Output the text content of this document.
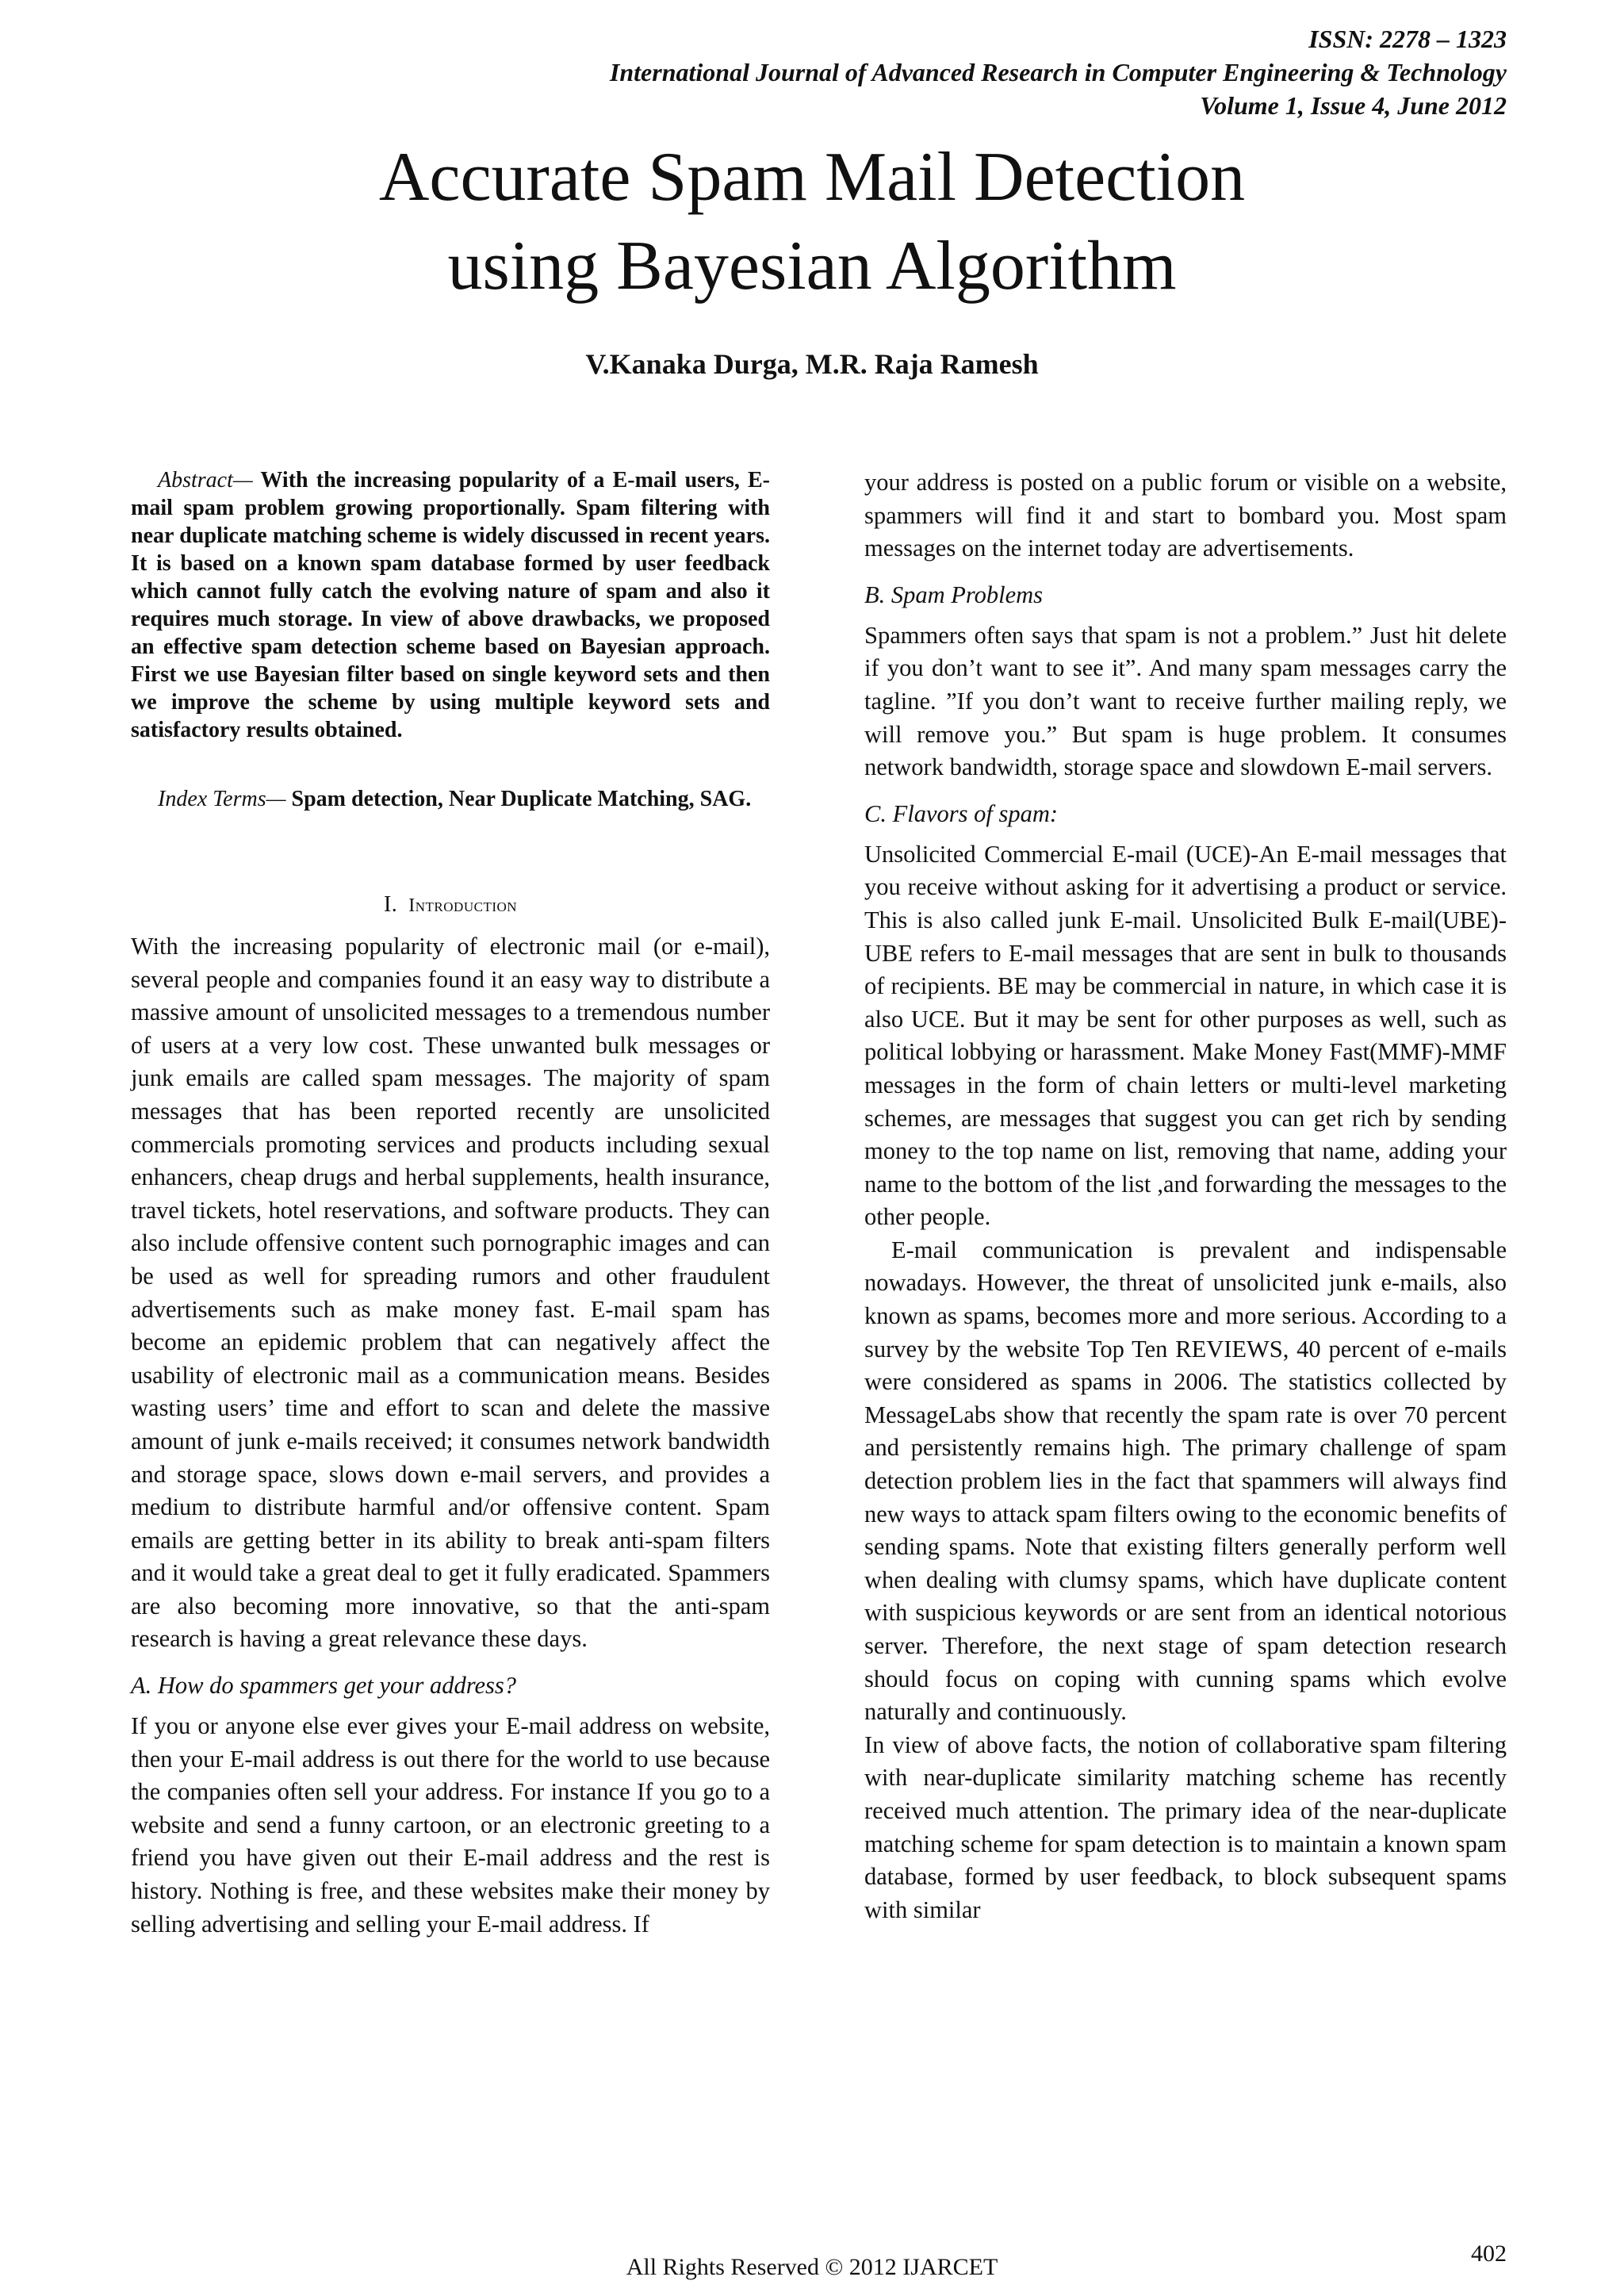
ISSN: 2278 – 1323
International Journal of Advanced Research in Computer Engineering & Technology
Volume 1, Issue 4, June 2012
Accurate Spam Mail Detection
using Bayesian Algorithm
V.Kanaka Durga, M.R. Raja Ramesh

Abstract— With the increasing popularity of a E-mail users, E-mail spam problem growing proportionally. Spam filtering with near duplicate matching scheme is widely discussed in recent years. It is based on a known spam database formed by user feedback which cannot fully catch the evolving nature of spam and also it requires much storage. In view of above drawbacks, we proposed an effective spam detection scheme based on Bayesian approach. First we use Bayesian filter based on single keyword sets and then we improve the scheme by using multiple keyword sets and satisfactory results obtained.

Index Terms— Spam detection, Near Duplicate Matching, SAG.

I. Introduction

With the increasing popularity of electronic mail (or e-mail), several people and companies found it an easy way to distribute a massive amount of unsolicited messages to a tremendous number of users at a very low cost. These unwanted bulk messages or junk emails are called spam messages. The majority of spam messages that has been reported recently are unsolicited commercials promoting services and products including sexual enhancers, cheap drugs and herbal supplements, health insurance, travel tickets, hotel reservations, and software products. They can also include offensive content such pornographic images and can be used as well for spreading rumors and other fraudulent advertisements such as make money fast. E-mail spam has become an epidemic problem that can negatively affect the usability of electronic mail as a communication means. Besides wasting users’ time and effort to scan and delete the massive amount of junk e-mails received; it consumes network bandwidth and storage space, slows down e-mail servers, and provides a medium to distribute harmful and/or offensive content. Spam emails are getting better in its ability to break anti-spam filters and it would take a great deal to get it fully eradicated. Spammers are also becoming more innovative, so that the anti-spam research is having a great relevance these days.

A. How do spammers get your address?

If you or anyone else ever gives your E-mail address on website, then your E-mail address is out there for the world to use because the companies often sell your address. For instance If you go to a website and send a funny cartoon, or an electronic greeting to a friend you have given out their E-mail address and the rest is history. Nothing is free, and these websites make their money by selling advertising and selling your E-mail address. If

your address is posted on a public forum or visible on a website, spammers will find it and start to bombard you. Most spam messages on the internet today are advertisements.

B. Spam Problems

Spammers often says that spam is not a problem.” Just hit delete if you don’t want to see it”. And many spam messages carry the tagline. ”If you don’t want to receive further mailing reply, we will remove you.” But spam is huge problem. It consumes network bandwidth, storage space and slowdown E-mail servers.

C. Flavors of spam:

Unsolicited Commercial E-mail (UCE)-An E-mail messages that you receive without asking for it advertising a product or service. This is also called junk E-mail. Unsolicited Bulk E-mail(UBE)-UBE refers to E-mail messages that are sent in bulk to thousands of recipients. BE may be commercial in nature, in which case it is also UCE. But it may be sent for other purposes as well, such as political lobbying or harassment. Make Money Fast(MMF)-MMF messages in the form of chain letters or multi-level marketing schemes, are messages that suggest you can get rich by sending money to the top name on list, removing that name, adding your name to the bottom of the list ,and forwarding the messages to the other people.

E-mail communication is prevalent and indispensable nowadays. However, the threat of unsolicited junk e-mails, also known as spams, becomes more and more serious. According to a survey by the website Top Ten REVIEWS, 40 percent of e-mails were considered as spams in 2006. The statistics collected by MessageLabs show that recently the spam rate is over 70 percent and persistently remains high. The primary challenge of spam detection problem lies in the fact that spammers will always find new ways to attack spam filters owing to the economic benefits of sending spams. Note that existing filters generally perform well when dealing with clumsy spams, which have duplicate content with suspicious keywords or are sent from an identical notorious server. Therefore, the next stage of spam detection research should focus on coping with cunning spams which evolve naturally and continuously.

In view of above facts, the notion of collaborative spam filtering with near-duplicate similarity matching scheme has recently received much attention. The primary idea of the near-duplicate matching scheme for spam detection is to maintain a known spam database, formed by user feedback, to block subsequent spams with similar

All Rights Reserved © 2012 IJARCET
402
